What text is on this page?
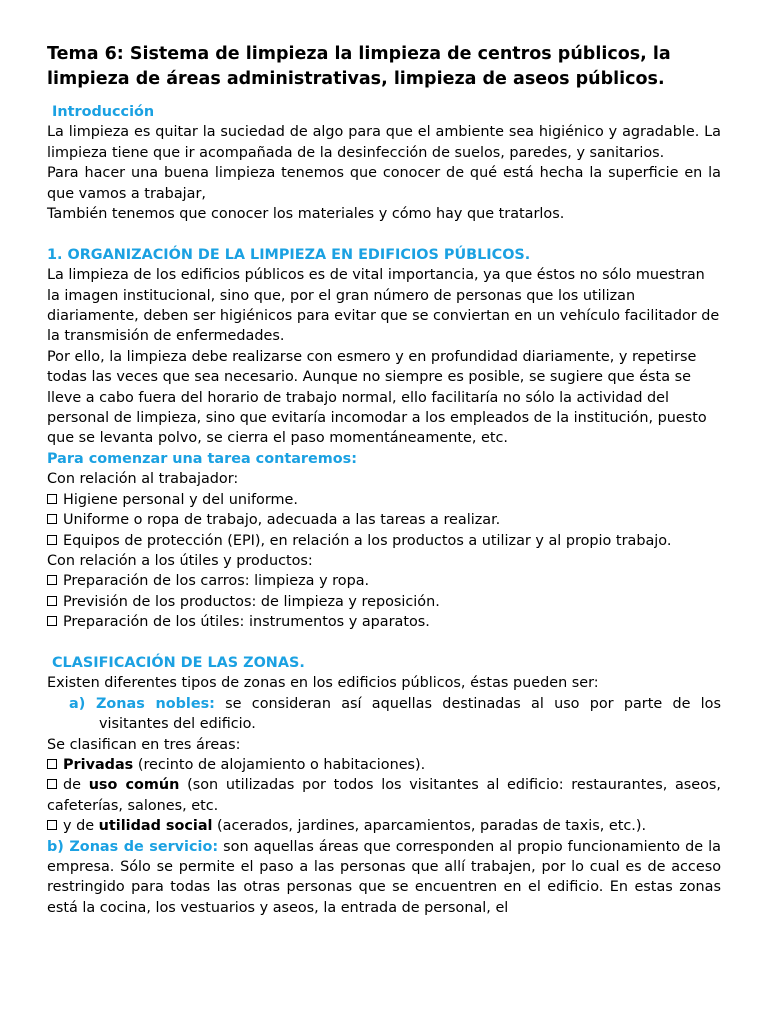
Tema 6: Sistema de limpieza la limpieza de centros públicos, la limpieza de áreas administrativas, limpieza de aseos públicos.

Introducción

La limpieza es quitar la suciedad de algo para que el ambiente sea higiénico y agradable. La limpieza tiene que ir acompañada de la desinfección de suelos, paredes, y sanitarios.

Para hacer una buena limpieza tenemos que conocer de qué está hecha la superficie en la que vamos a trabajar,

También tenemos que conocer los materiales y cómo hay que tratarlos.

1. ORGANIZACIÓN DE LA LIMPIEZA EN EDIFICIOS PÚBLICOS.

La limpieza de los edificios públicos es de vital importancia, ya que éstos no sólo muestran la imagen institucional, sino que, por el gran número de personas que los utilizan diariamente, deben ser higiénicos para evitar que se conviertan en un vehículo facilitador de la transmisión de enfermedades.

Por ello, la limpieza debe realizarse con esmero y en profundidad diariamente, y repetirse todas las veces que sea necesario. Aunque no siempre es posible, se sugiere que ésta se lleve a cabo fuera del horario de trabajo normal, ello facilitaría no sólo la actividad del personal de limpieza, sino que evitaría incomodar a los empleados de la institución, puesto que se levanta polvo, se cierra el paso momentáneamente, etc.

Para comenzar una tarea contaremos:

Con relación al trabajador:

Higiene personal y del uniforme.

Uniforme o ropa de trabajo, adecuada a las tareas a realizar.

Equipos de protección (EPI), en relación a los productos a utilizar y al propio trabajo.

Con relación a los útiles y productos:

Preparación de los carros: limpieza y ropa.

Previsión de los productos: de limpieza y reposición.

Preparación de los útiles: instrumentos y aparatos.

CLASIFICACIÓN DE LAS ZONAS.

Existen diferentes tipos de zonas en los edificios públicos, éstas pueden ser:

a) Zonas nobles: se consideran así aquellas destinadas al uso por parte de los visitantes del edificio.

Se clasifican en tres áreas:

Privadas (recinto de alojamiento o habitaciones).

de uso común (son utilizadas por todos los visitantes al edificio: restaurantes, aseos, cafeterías, salones, etc.

y de utilidad social (acerados, jardines, aparcamientos, paradas de taxis, etc.).

b) Zonas de servicio: son aquellas áreas que corresponden al propio funcionamiento de la empresa. Sólo se permite el paso a las personas que allí trabajen, por lo cual es de acceso restringido para todas las otras personas que se encuentren en el edificio. En estas zonas está la cocina, los vestuarios y aseos, la entrada de personal, el
